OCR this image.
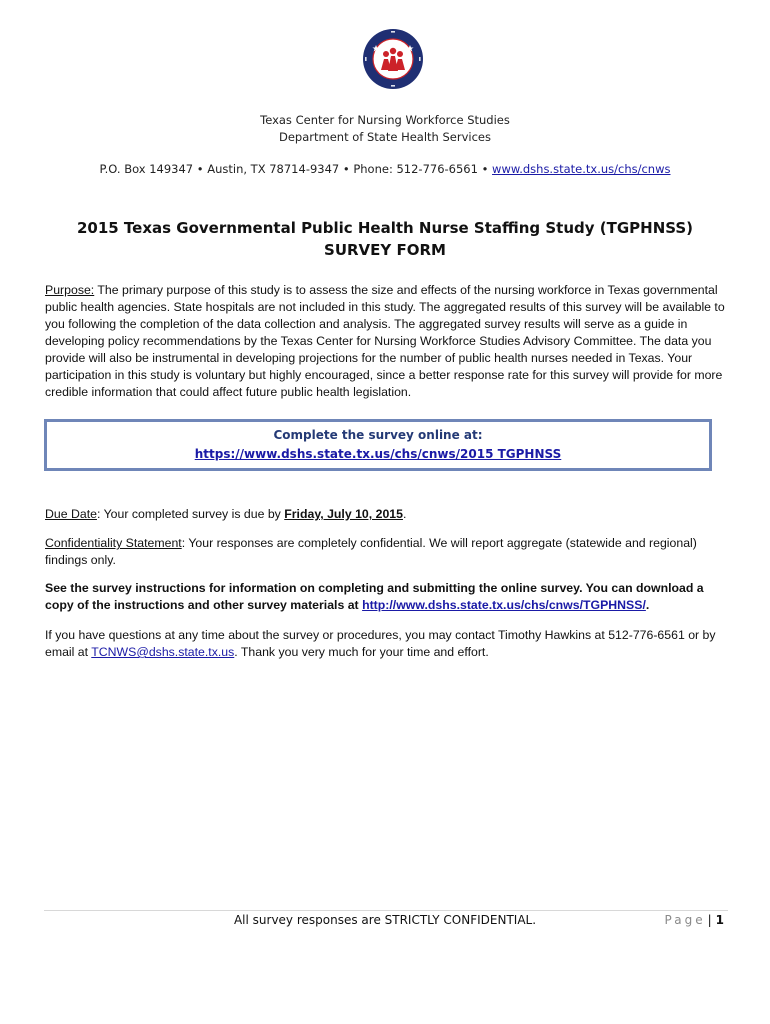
Texas Center for Nursing Workforce Studies
Department of State Health Services
P.O. Box 149347 • Austin, TX 78714-9347 • Phone: 512-776-6561 • www.dshs.state.tx.us/chs/cnws
2015 Texas Governmental Public Health Nurse Staffing Study (TGPHNSS)
SURVEY FORM
Purpose: The primary purpose of this study is to assess the size and effects of the nursing workforce in Texas governmental public health agencies. State hospitals are not included in this study. The aggregated results of this survey will be available to you following the completion of the data collection and analysis. The aggregated survey results will serve as a guide in developing policy recommendations by the Texas Center for Nursing Workforce Studies Advisory Committee. The data you provide will also be instrumental in developing projections for the number of public health nurses needed in Texas. Your participation in this study is voluntary but highly encouraged, since a better response rate for this survey will provide for more credible information that could affect future public health legislation.
Complete the survey online at:
https://www.dshs.state.tx.us/chs/cnws/2015 TGPHNSS
Due Date: Your completed survey is due by Friday, July 10, 2015.
Confidentiality Statement: Your responses are completely confidential. We will report aggregate (statewide and regional) findings only.
See the survey instructions for information on completing and submitting the online survey. You can download a copy of the instructions and other survey materials at http://www.dshs.state.tx.us/chs/cnws/TGPHNSS/.
If you have questions at any time about the survey or procedures, you may contact Timothy Hawkins at 512-776-6561 or by email at TCNWS@dshs.state.tx.us. Thank you very much for your time and effort.
All survey responses are STRICTLY CONFIDENTIAL.	Page | 1
